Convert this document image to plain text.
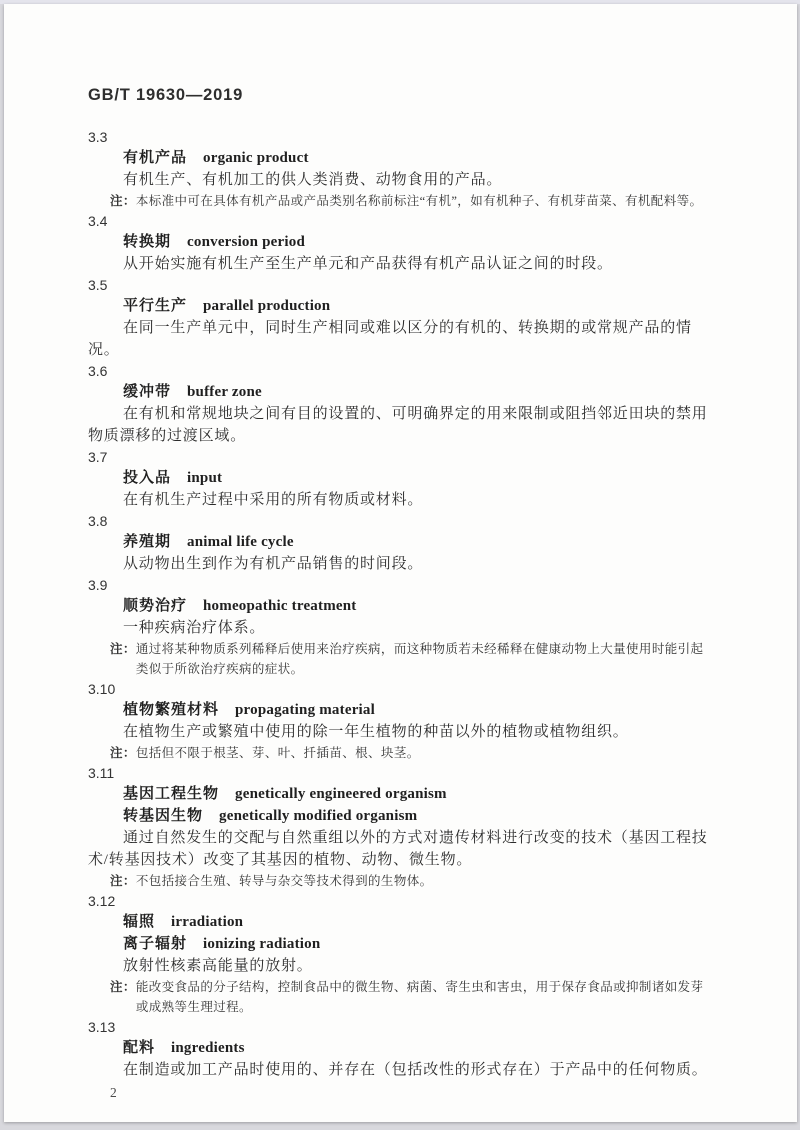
GB/T 19630—2019
3.3
有机产品 organic product

有机生产、有机加工的供人类消费、动物食用的产品。

注： 本标准中可在具体有机产品或产品类别名称前标注“有机”，如有机种子、有机芽苗菜、有机配料等。
3.4
转换期 conversion period

从开始实施有机生产至生产单元和产品获得有机产品认证之间的时段。

3.5
平行生产 parallel production

在同一生产单元中，同时生产相同或难以区分的有机的、转换期的或常规产品的情况。

3.6
缓冲带 buffer zone

在有机和常规地块之间有目的设置的、可明确界定的用来限制或阻挡邻近田块的禁用物质漂移的过渡区域。

3.7
投入品 input

在有机生产过程中采用的所有物质或材料。

3.8
养殖期 animal life cycle

从动物出生到作为有机产品销售的时间段。

3.9
顺势治疗 homeopathic treatment

一种疾病治疗体系。

注： 通过将某种物质系列稀释后使用来治疗疾病，而这种物质若未经稀释在健康动物上大量使用时能引起类似于所欲治疗疾病的症状。
3.10
植物繁殖材料 propagating material

在植物生产或繁殖中使用的除一年生植物的种苗以外的植物或植物组织。

注： 包括但不限于根茎、芽、叶、扦插苗、根、块茎。
3.11
基因工程生物 genetically engineered organism
转基因生物 genetically modified organism

通过自然发生的交配与自然重组以外的方式对遗传材料进行改变的技术（基因工程技术/转基因技术）改变了其基因的植物、动物、微生物。

注： 不包括接合生殖、转导与杂交等技术得到的生物体。
3.12
辐照 irradiation
离子辐射 ionizing radiation

放射性核素高能量的放射。

注： 能改变食品的分子结构，控制食品中的微生物、病菌、寄生虫和害虫，用于保存食品或抑制诸如发芽或成熟等生理过程。
3.13
配料 ingredients

在制造或加工产品时使用的、并存在（包括改性的形式存在）于产品中的任何物质。

2
